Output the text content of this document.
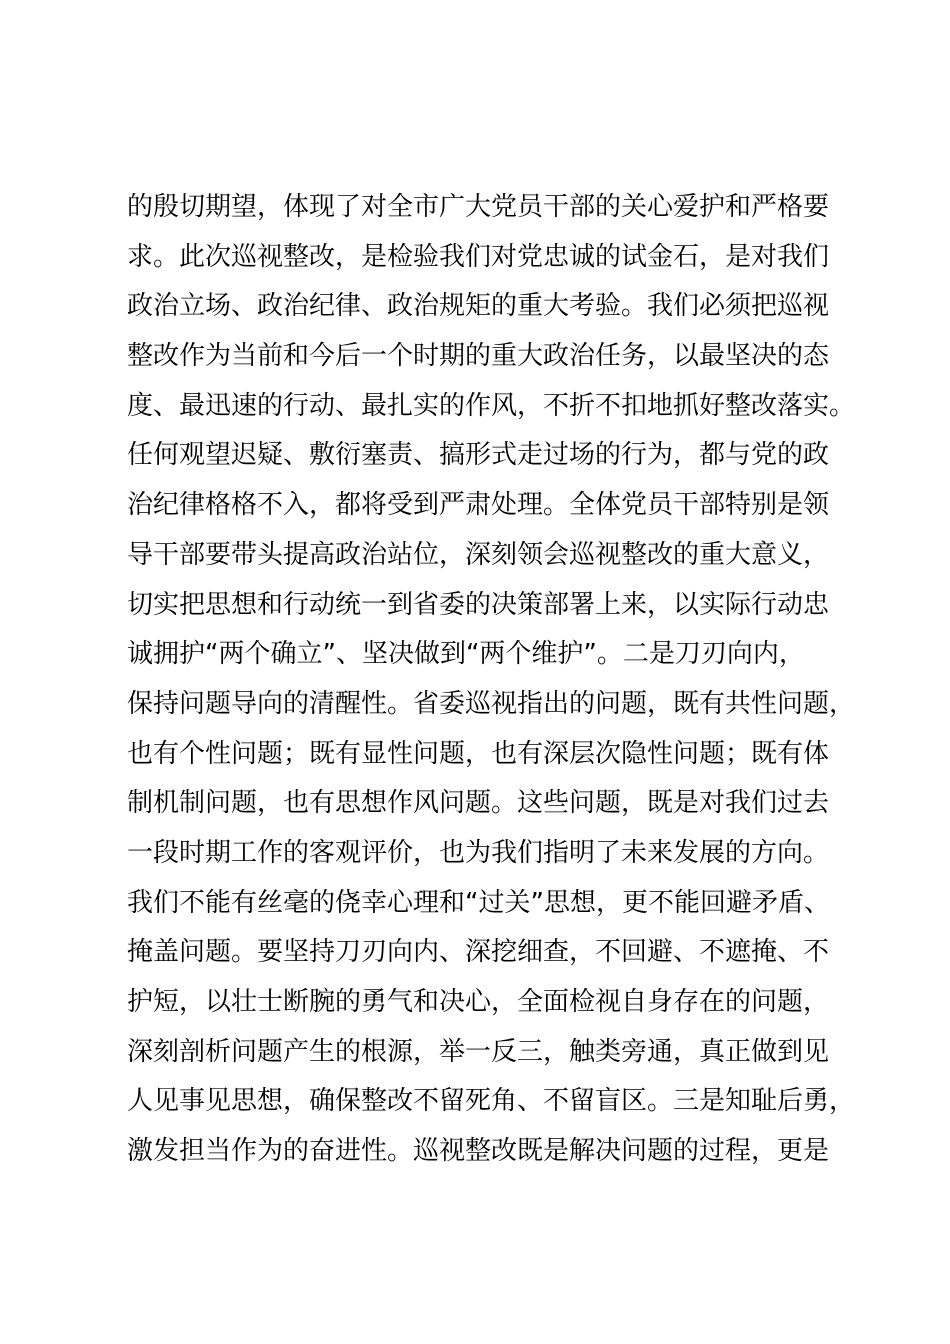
的殷切期望，体现了对全市广大党员干部的关心爱护和严格要
求。此次巡视整改，是检验我们对党忠诚的试金石，是对我们
政治立场、政治纪律、政治规矩的重大考验。我们必须把巡视
整改作为当前和今后一个时期的重大政治任务，以最坚决的态
度、最迅速的行动、最扎实的作风，不折不扣地抓好整改落实。
任何观望迟疑、敷衍塞责、搞形式走过场的行为，都与党的政
治纪律格格不入，都将受到严肃处理。全体党员干部特别是领
导干部要带头提高政治站位，深刻领会巡视整改的重大意义，
切实把思想和行动统一到省委的决策部署上来，以实际行动忠
诚拥护“两个确立”、坚决做到“两个维护”。二是刀刃向内，
保持问题导向的清醒性。省委巡视指出的问题，既有共性问题，
也有个性问题；既有显性问题，也有深层次隐性问题；既有体
制机制问题，也有思想作风问题。这些问题，既是对我们过去
一段时期工作的客观评价，也为我们指明了未来发展的方向。
我们不能有丝毫的侥幸心理和“过关”思想，更不能回避矛盾、
掩盖问题。要坚持刀刃向内、深挖细查，不回避、不遮掩、不
护短，以壮士断腕的勇气和决心，全面检视自身存在的问题，
深刻剖析问题产生的根源，举一反三，触类旁通，真正做到见
人见事见思想，确保整改不留死角、不留盲区。三是知耻后勇，
激发担当作为的奋进性。巡视整改既是解决问题的过程，更是
